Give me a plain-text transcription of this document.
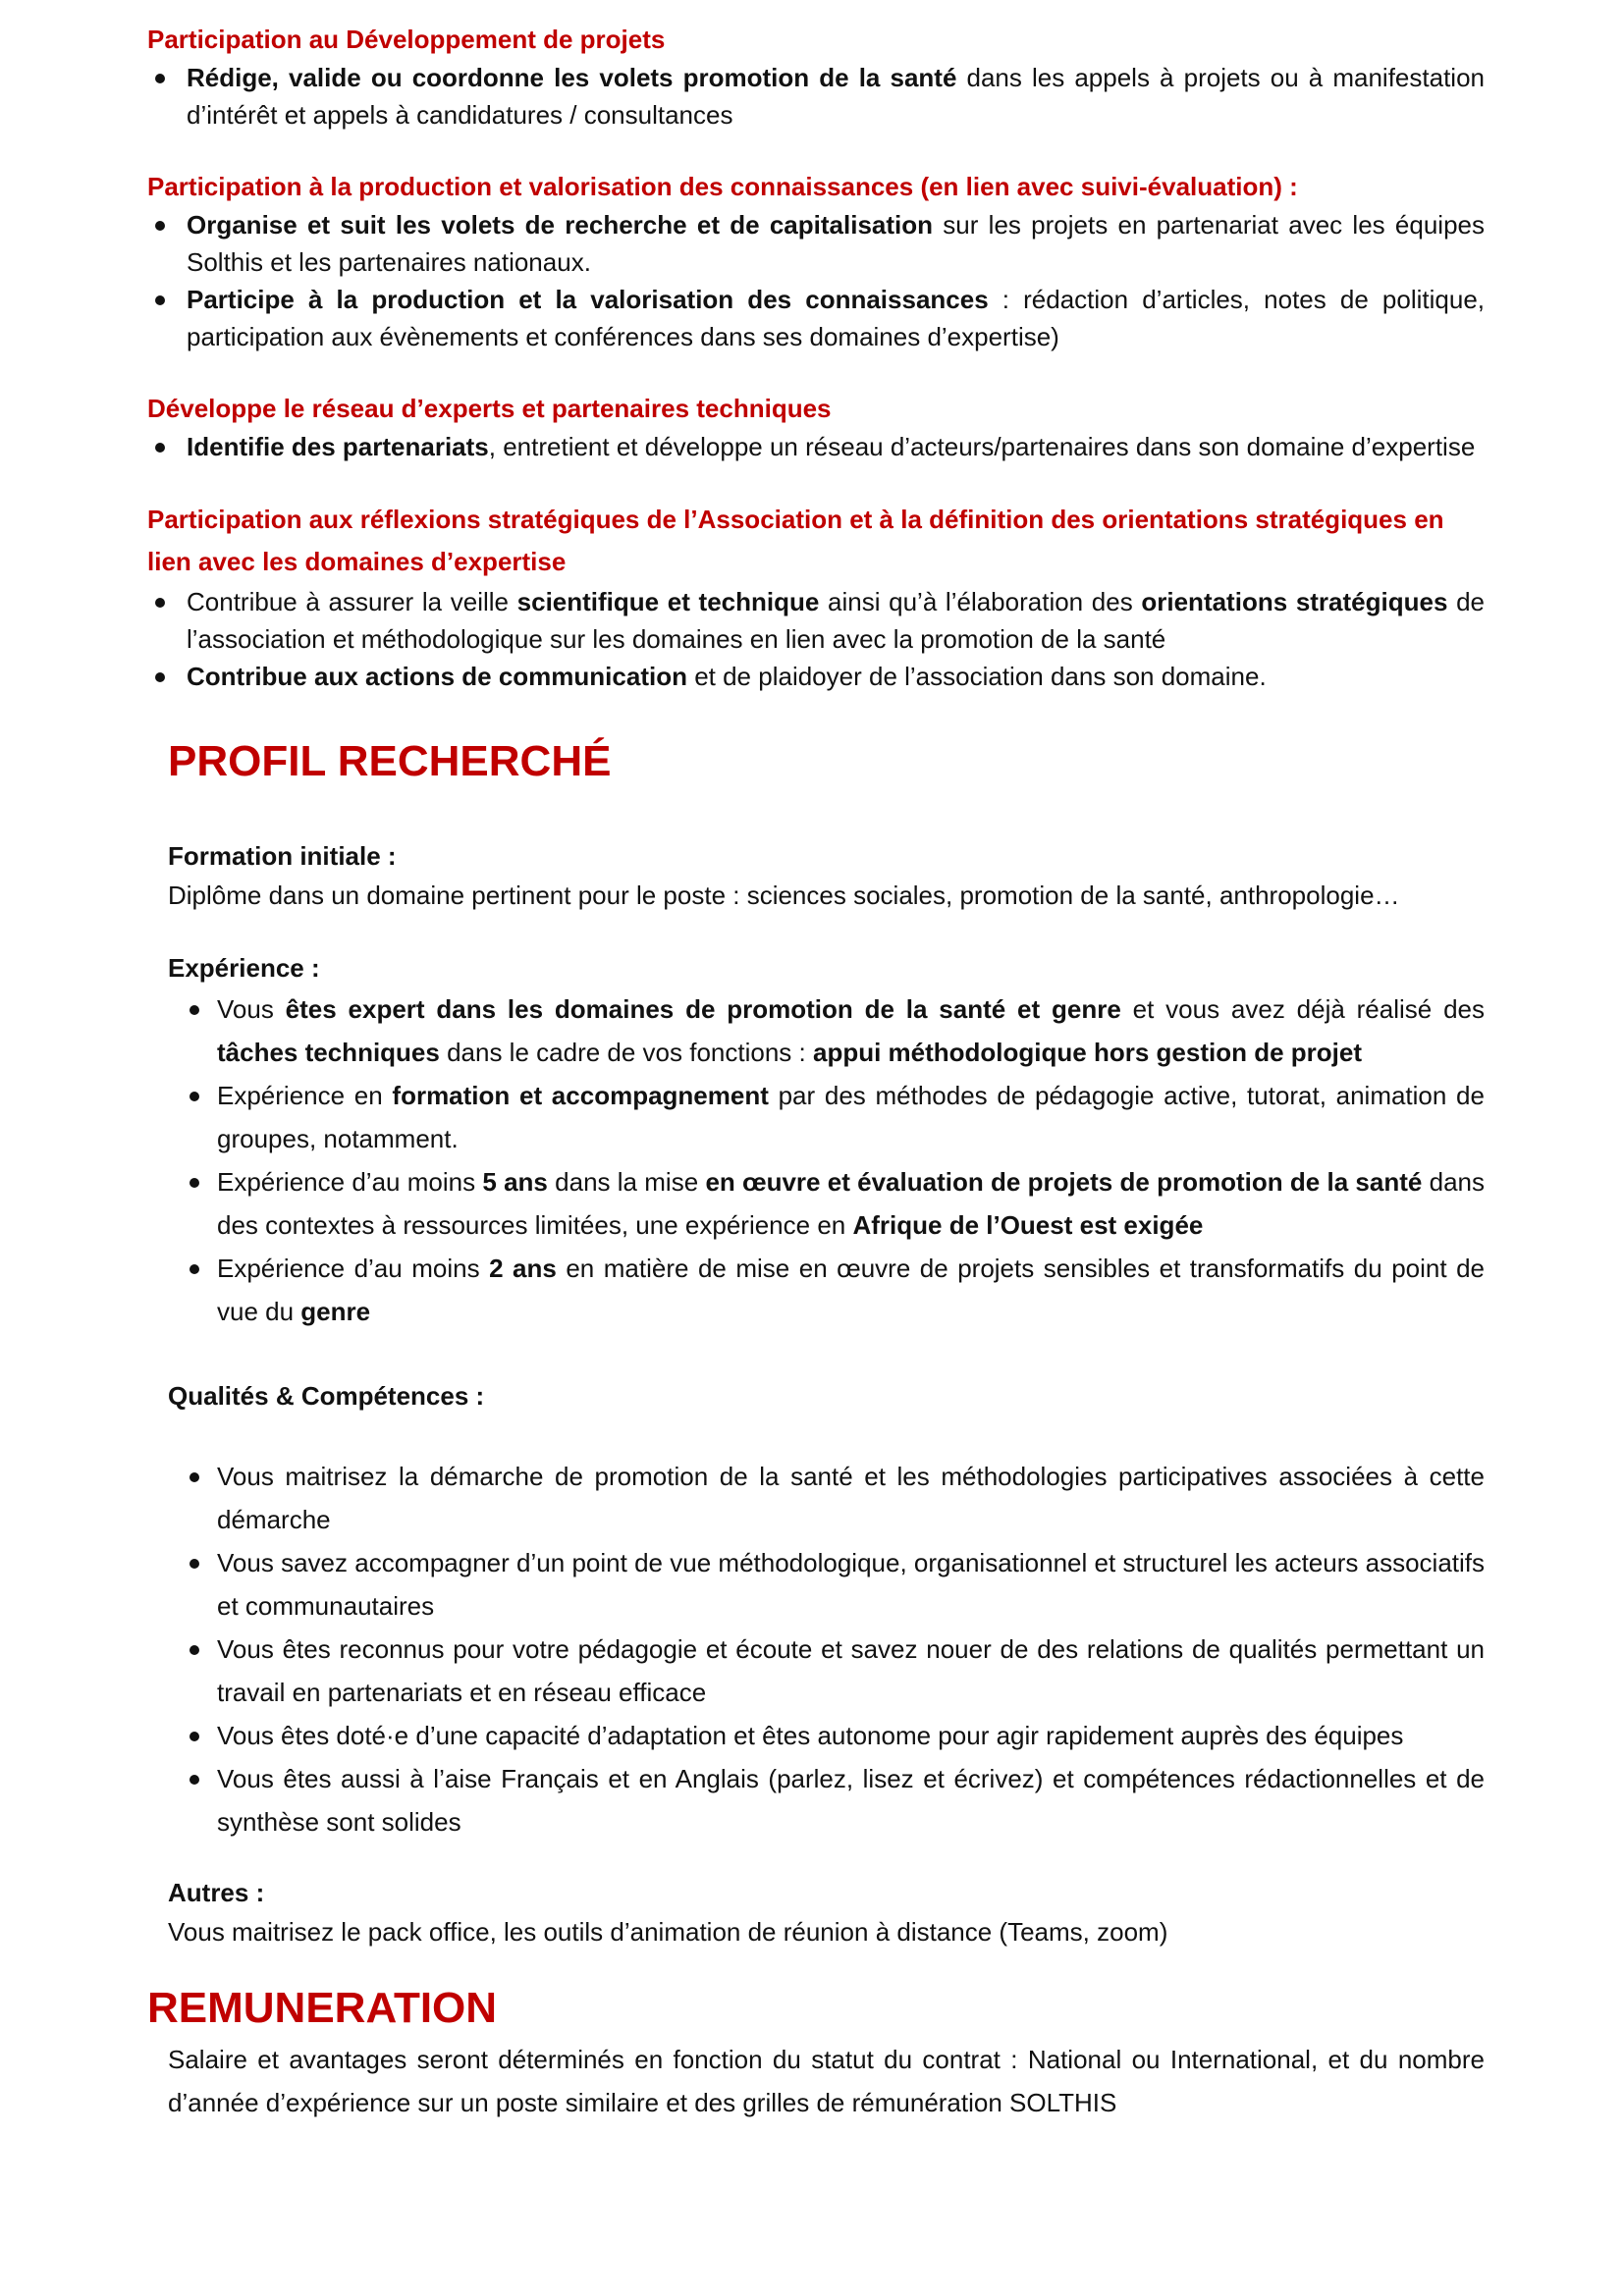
Participation au Développement de projets

Rédige, valide ou coordonne les volets promotion de la santé dans les appels à projets ou à manifestation d’intérêt et appels à candidatures / consultances

Participation à la production et valorisation des connaissances (en lien avec suivi-évaluation) :

Organise et suit les volets de recherche et de capitalisation sur les projets en partenariat avec les équipes Solthis et les partenaires nationaux.
Participe à la production et la valorisation des connaissances : rédaction d’articles, notes de politique, participation aux évènements et conférences dans ses domaines d’expertise)

Développe le réseau d’experts et partenaires techniques

Identifie des partenariats, entretient et développe un réseau d’acteurs/partenaires dans son domaine d’expertise

Participation aux réflexions stratégiques de l’Association et à la définition des orientations stratégiques en lien avec les domaines d’expertise

Contribue à assurer la veille scientifique et technique ainsi qu’à l’élaboration des orientations stratégiques de l’association et méthodologique sur les domaines en lien avec la promotion de la santé
Contribue aux actions de communication et de plaidoyer de l’association dans son domaine.
PROFIL RECHERCHÉ

Formation initiale :

Diplôme dans un domaine pertinent pour le poste : sciences sociales, promotion de la santé, anthropologie…

Expérience :

Vous êtes expert dans les domaines de promotion de la santé et genre et vous avez déjà réalisé des tâches techniques dans le cadre de vos fonctions : appui méthodologique hors gestion de projet
Expérience en formation et accompagnement par des méthodes de pédagogie active, tutorat, animation de groupes, notamment.
Expérience d’au moins 5 ans dans la mise en œuvre et évaluation de projets de promotion de la santé dans des contextes à ressources limitées, une expérience en Afrique de l’Ouest est exigée
Expérience d’au moins 2 ans en matière de mise en œuvre de projets sensibles et transformatifs du point de vue du genre

Qualités & Compétences :

Vous maitrisez la démarche de promotion de la santé et les méthodologies participatives associées à cette démarche
Vous savez accompagner d’un point de vue méthodologique, organisationnel et structurel les acteurs associatifs et communautaires
Vous êtes reconnus pour votre pédagogie et écoute et savez nouer de des relations de qualités permettant un travail en partenariats et en réseau efficace
Vous êtes doté·e d’une capacité d’adaptation et êtes autonome pour agir rapidement auprès des équipes
Vous êtes aussi à l’aise Français et en Anglais (parlez, lisez et écrivez) et compétences rédactionnelles et de synthèse sont solides

Autres :

Vous maitrisez le pack office, les outils d’animation de réunion à distance (Teams, zoom)

REMUNERATION

Salaire et avantages seront déterminés en fonction du statut du contrat : National ou International, et du nombre d’année d’expérience sur un poste similaire et des grilles de rémunération SOLTHIS
